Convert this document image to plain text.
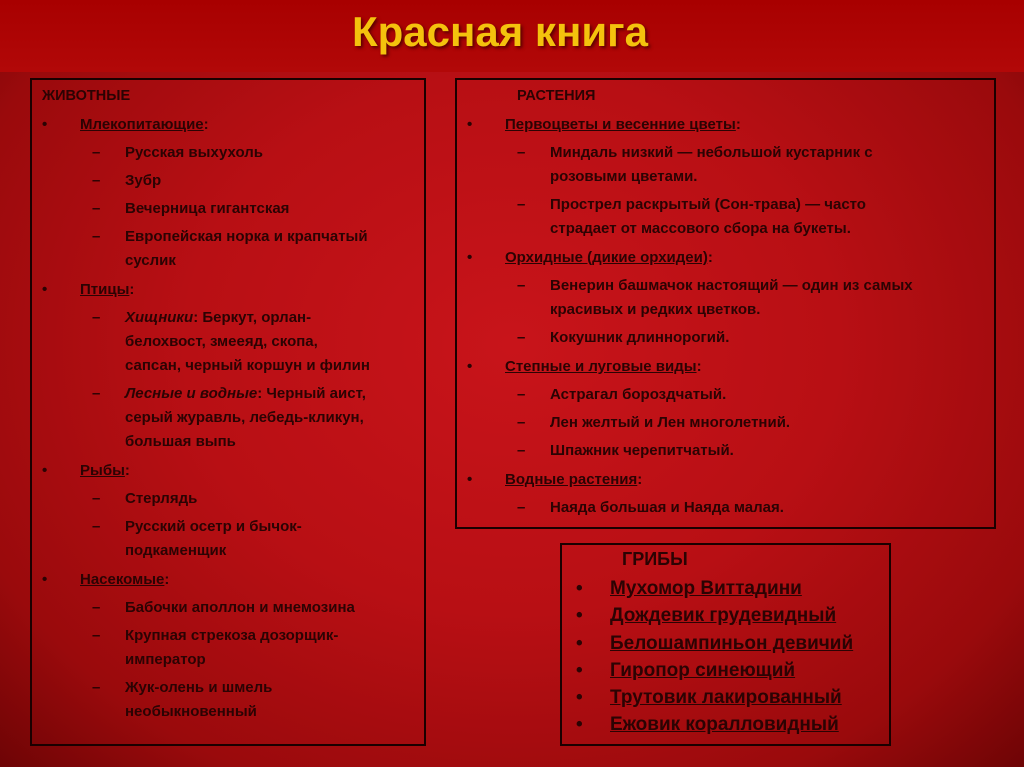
Красная книга
ЖИВОТНЫЕ
• Млекопитающие:
– Русская выхухоль
– Зубр
– Вечерница гигантская
– Европейская норка и крапчатый
суслик
• Птицы:
– Хищники: Беркут, орлан-
белохвост, змееяд, скопа,
сапсан, черный коршун и филин
– Лесные и водные: Черный аист,
серый журавль, лебедь-кликун,
большая выпь
• Рыбы:
– Стерлядь
– Русский осетр и бычок-
подкаменщик
• Насекомые:
– Бабочки аполлон и мнемозина
– Крупная стрекоза дозорщик-
император
– Жук-олень и шмель
необыкновенный
РАСТЕНИЯ
• Первоцветы и весенние цветы:
– Миндаль низкий — небольшой кустарник с
розовыми цветами.
– Прострел раскрытый (Сон-трава) — часто
страдает от массового сбора на букеты.
• Орхидные (дикие орхидеи):
– Венерин башмачок настоящий — один из самых
красивых и редких цветков.
– Кокушник длиннорогий.
• Степные и луговые виды:
– Астрагал бороздчатый.
– Лен желтый и Лен многолетний.
– Шпажник черепитчатый.
• Водные растения:
– Наяда большая и Наяда малая.
ГРИБЫ
• Мухомор Виттадини
• Дождевик грудевидный
• Белошампиньон девичий
• Гиропор синеющий
• Трутовик лакированный
• Ежовик коралловидный
